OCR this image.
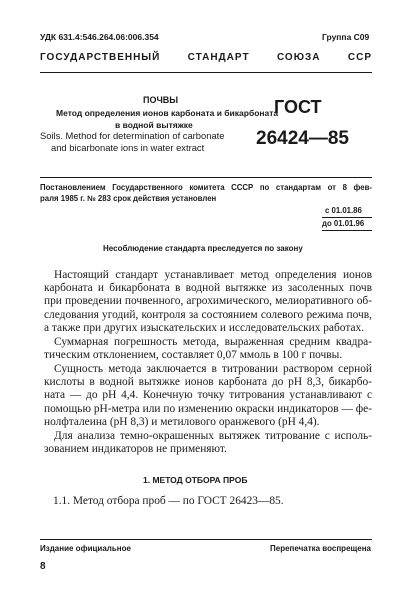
УДК 631.4:546.264.06:006.354	Группа С09
ГОСУДАРСТВЕННЫЙ СТАНДАРТ СОЮЗА ССР
ПОЧВЫ
Метод определения ионов карбоната и бикарбоната
в водной вытяжке
Soils. Method for determination of carbonate
and bicarbonate ions in water extract
ГОСТ
26424—85
Постановлением Государственного комитета СССР по стандартам от 8 фев-
раля 1985 г. № 283 срок действия установлен
с 01.01.86
до 01.01.96
Несоблюдение стандарта преследуется по закону
Настоящий стандарт устанавливает метод определения ионов
карбоната и бикарбоната в водной вытяжке из засоленных почв
при проведении почвенного, агрохимического, мелиоративного об-
следования угодий, контроля за состоянием солевого режима почв,
а также при других изыскательских и исследовательских работах.
Суммарная погрешность метода, выраженная средним квадра-
тическим отклонением, составляет 0,07 ммоль в 100 г почвы.
Сущность метода заключается в титровании раствором серной
кислоты в водной вытяжке ионов карбоната до рН 8,3, бикарбо-
ната — до рН 4,4. Конечную точку титрования устанавливают с
помощью рН-метра или по изменению окраски индикаторов — фе-
нолфталеина (рН 8,3) и метилового оранжевого (рН 4,4).
Для анализа темно-окрашенных вытяжек титрование с исполь-
зованием индикаторов не применяют.
1. МЕТОД ОТБОРА ПРОБ
1.1. Метод отбора проб — по ГОСТ 26423—85.
Издание официальное	Перепечатка воспрещена
8
